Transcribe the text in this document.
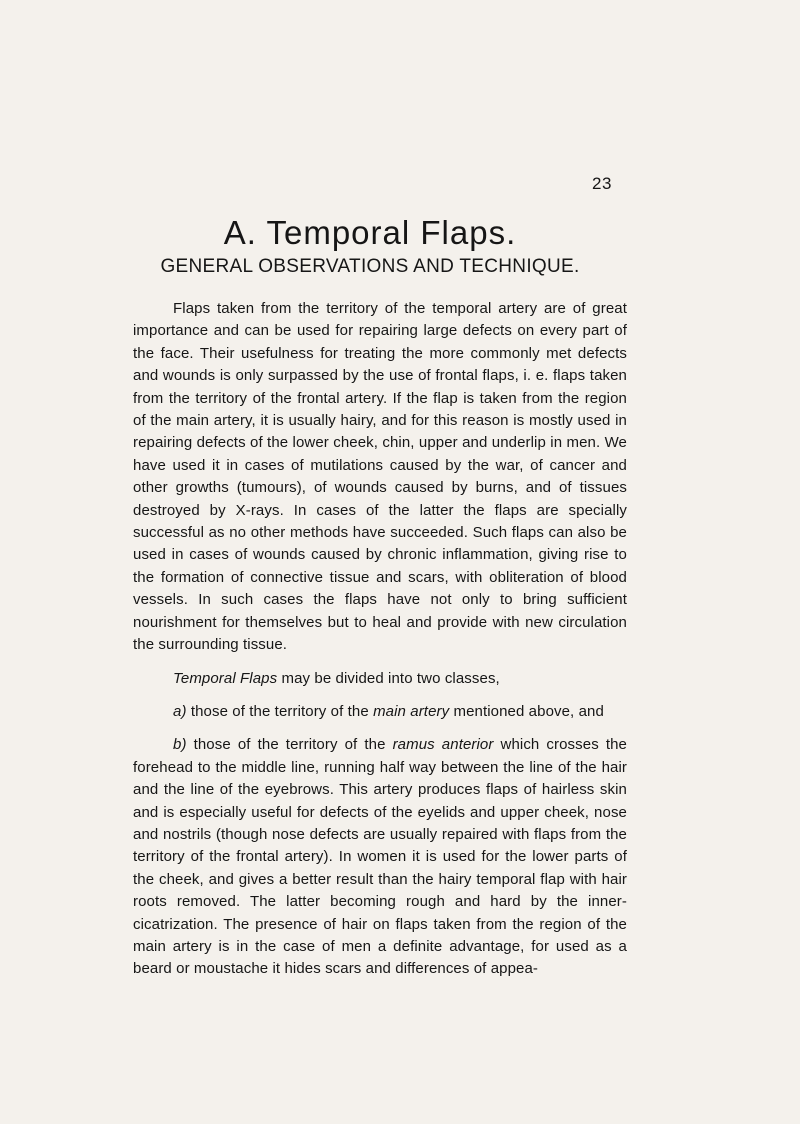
23
A. Temporal Flaps.
GENERAL OBSERVATIONS AND TECHNIQUE.

Flaps taken from the territory of the temporal artery are of great importance and can be used for repairing large defects on every part of the face. Their usefulness for treating the more commonly met defects and wounds is only surpassed by the use of frontal flaps, i. e. flaps taken from the territory of the frontal artery. If the flap is taken from the region of the main artery, it is usually hairy, and for this reason is mostly used in repairing defects of the lower cheek, chin, upper and underlip in men. We have used it in cases of mutilations caused by the war, of cancer and other growths (tumours), of wounds caused by burns, and of tissues destroyed by X-rays. In cases of the latter the flaps are specially successful as no other methods have succeeded. Such flaps can also be used in cases of wounds caused by chronic inflammation, giving rise to the formation of connective tissue and scars, with obliteration of blood vessels. In such cases the flaps have not only to bring sufficient nourishment for themselves but to heal and provide with new circulation the surrounding tissue.

Temporal Flaps may be divided into two classes,

a) those of the territory of the main artery mentioned above, and

b) those of the territory of the ramus anterior which crosses the forehead to the middle line, running half way between the line of the hair and the line of the eyebrows. This artery produces flaps of hairless skin and is especially useful for defects of the eyelids and upper cheek, nose and nostrils (though nose defects are usually repaired with flaps from the territory of the frontal artery). In women it is used for the lower parts of the cheek, and gives a better result than the hairy temporal flap with hair roots removed. The latter becoming rough and hard by the inner-cicatrization. The presence of hair on flaps taken from the region of the main artery is in the case of men a definite advantage, for used as a beard or moustache it hides scars and differences of appea-
